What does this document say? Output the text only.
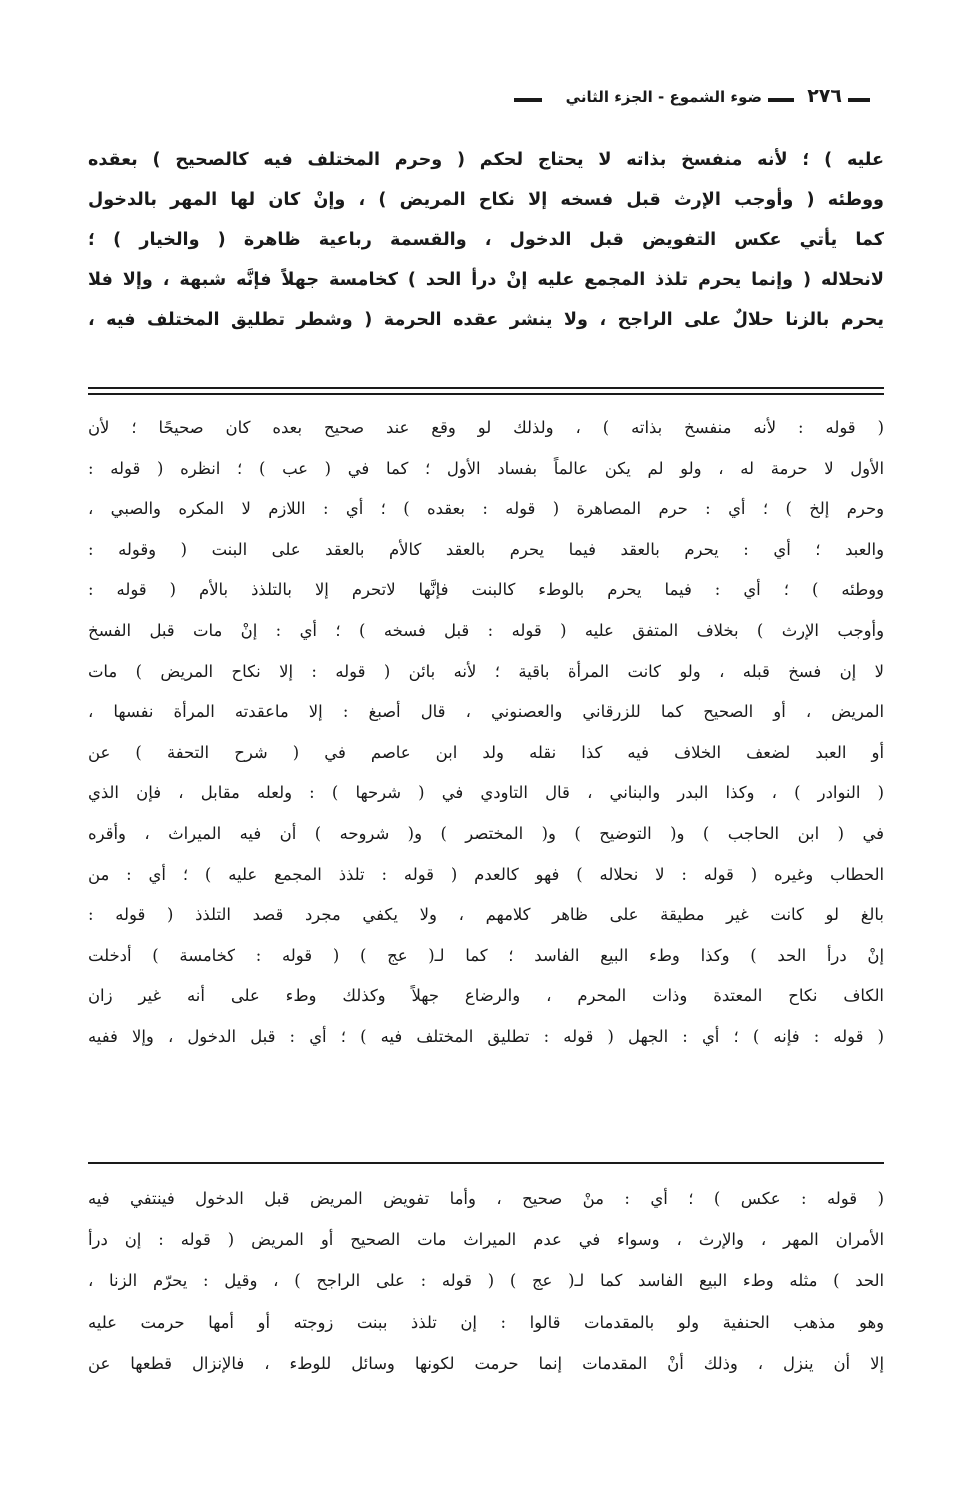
٢٧٦
ضوء الشموع - الجزء الثاني
عليه ) ؛ لأنه منفسخ بذاته لا يحتاج لحكم ( وحرم المختلف فيه كالصحيح ) بعقده
ووطئه ( وأوجب الإرث قبل فسخه إلا نكاح المريض ) ، وإنْ كان لها المهر بالدخول
كما يأتي عكس التفويض قبل الدخول ، والقسمة رباعية ظاهرة ( والخيار ) ؛
لانحلاله ( وإنما يحرم تلذذ المجمع عليه إنْ درأ الحد ) كخامسة جهلاً فإنَّه شبهة ، وإلا فلا
يحرم بالزنا حلالٌ على الراجح ، ولا ينشر عقده الحرمة ( وشطر تطليق المختلف فيه ،
( قوله : لأنه منفسخ بذاته ) ، ولذلك لو وقع عند صحيح بعده كان صحيحًا ؛ لأن
الأول لا حرمة له ، ولو لم يكن عالماً بفساد الأول ؛ كما في ( عب ) ؛ انظره ( قوله :
وحرم إلخ ) ؛ أي : حرم المصاهرة ( قوله : بعقده ) ؛ أي : اللازم لا المكره والصبي ،
والعبد ؛ أي : يحرم بالعقد فيما يحرم بالعقد كالأم بالعقد على البنت ( وقوله :
ووطئه ) ؛ أي : فيما يحرم بالوطء كالبنت فإنَّها لاتحرم إلا بالتلذذ بالأم ( قوله :
وأوجب الإرث ) بخلاف المتفق عليه ( قوله : قبل فسخه ) ؛ أي : إنْ مات قبل الفسخ
لا إن فسخ قبله ، ولو كانت المرأة باقية ؛ لأنه بائن ( قوله : إلا نكاح المريض ) مات
المريض ، أو الصحيح كما للزرقاني والعصنوني ، قال أصبغ : إلا ماعقدته المرأة نفسها ،
أو العبد لضعف الخلاف فيه كذا نقله ولد ابن عاصم في ( شرح التحفة ) عن
( النوادر ) ، وكذا البدر والبناني ، قال التاودي في ( شرحها ) : ولعله مقابل ، فإن الذي
في ( ابن الحاجب ) و( التوضيح ) و( المختصر ) و( شروحه ) أن فيه الميراث ، وأقره
الحطاب وغيره ( قوله : لا نحلاله ) فهو كالعدم ( قوله : تلذذ المجمع عليه ) ؛ أي : من
بالغ لو كانت غير مطيقة على ظاهر كلامهم ، ولا يكفي مجرد قصد التلذذ ( قوله :
إنْ درأ الحد ) وكذا وطء البيع الفاسد ؛ كما لـ( عج ) ( قوله : كخامسة ) أدخلت
الكاف نكاح المعتدة وذات المحرم ، والرضاع جهلاً وكذلك وطء على أنه غير زان
( قوله : فإنه ) ؛ أي : الجهل ( قوله : تطليق المختلف فيه ) ؛ أي : قبل الدخول ، وإلا ففيه
( قوله : عكس ) ؛ أي : منْ صحيح ، وأما تفويض المريض قبل الدخول فينتفي فيه
الأمران المهر ، والإرث ، وسواء في عدم الميراث مات الصحيح أو المريض ( قوله : إن درأ
الحد ) مثله وطء البيع الفاسد كما لـ( عج ) ( قوله : على الراجح ) ، وقيل : يحرّم الزنا ،
وهو مذهب الحنفية ولو بالمقدمات قالوا : إن تلذذ ببنت زوجته أو أمها حرمت عليه
إلا أن ينزل ، وذلك أنْ المقدمات إنما حرمت لكونها وسائل للوطء ، فالإنزال قطعها عن
